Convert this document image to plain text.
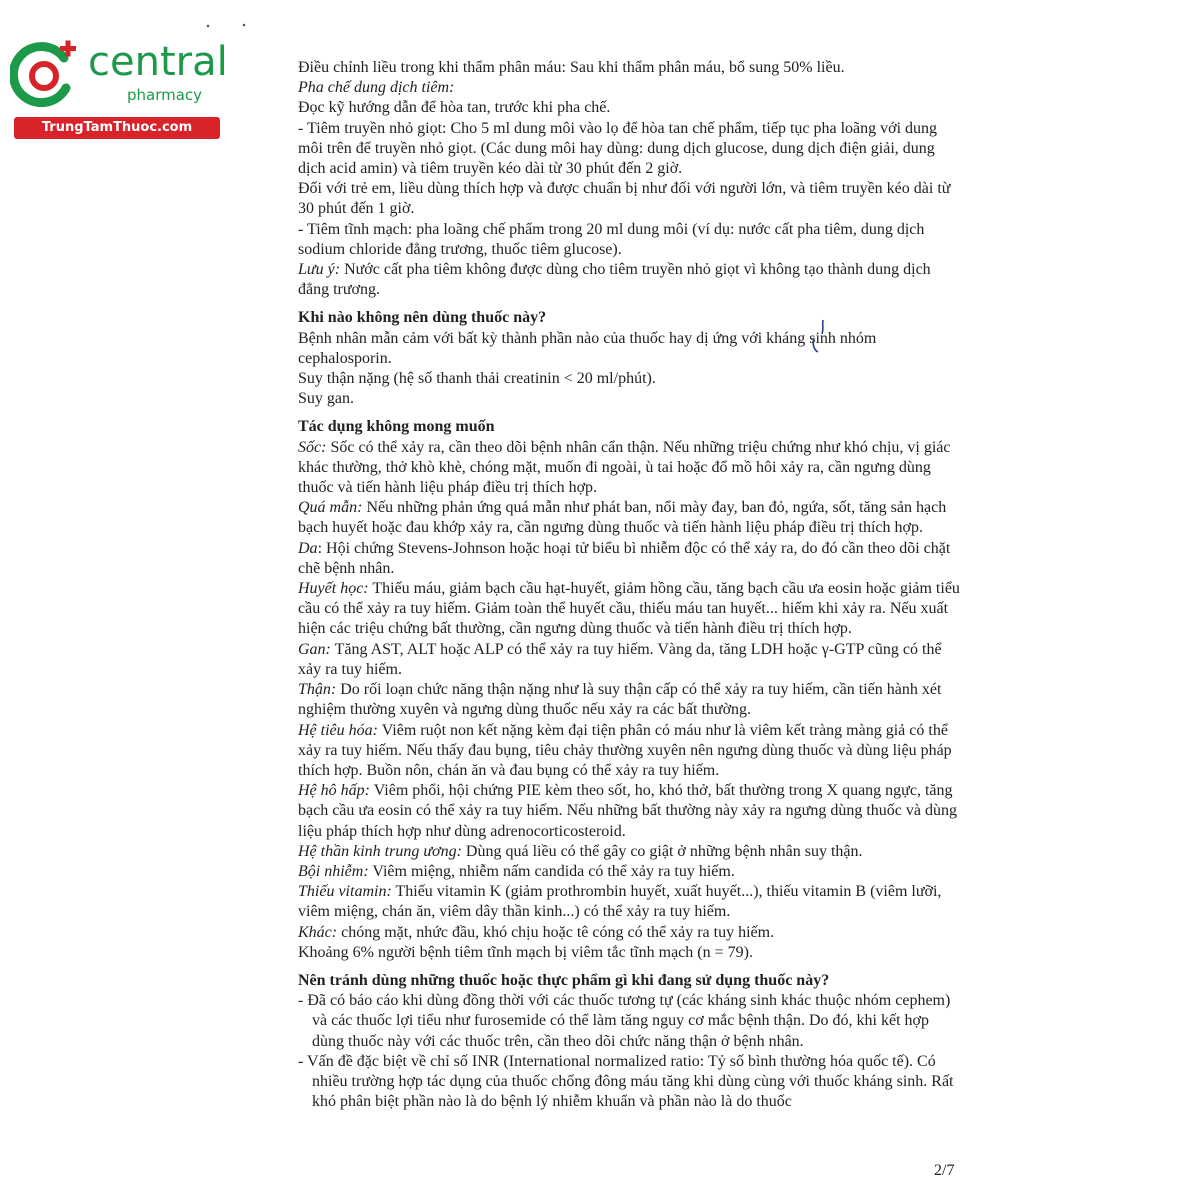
central
pharmacy
TrungTamThuoc.com

Điều chỉnh liều trong khi thẩm phân máu: Sau khi thẩm phân máu, bổ sung 50% liều.

Pha chế dung dịch tiêm:

Đọc kỹ hướng dẫn để hòa tan, trước khi pha chế.

- Tiêm truyền nhỏ giọt: Cho 5 ml dung môi vào lọ để hòa tan chế phẩm, tiếp tục pha loãng với dung môi trên để truyền nhỏ giọt. (Các dung môi hay dùng: dung dịch glucose, dung dịch điện giải, dung dịch acid amin) và tiêm truyền kéo dài từ 30 phút đến 2 giờ.

Đối với trẻ em, liều dùng thích hợp và được chuẩn bị như đối với người lớn, và tiêm truyền kéo dài từ 30 phút đến 1 giờ.

- Tiêm tĩnh mạch: pha loãng chế phẩm trong 20 ml dung môi (ví dụ: nước cất pha tiêm, dung dịch sodium chloride đẳng trương, thuốc tiêm glucose).

Lưu ý: Nước cất pha tiêm không được dùng cho tiêm truyền nhỏ giọt vì không tạo thành dung dịch đẳng trương.

Khi nào không nên dùng thuốc này?

Bệnh nhân mẫn cảm với bất kỳ thành phần nào của thuốc hay dị ứng với kháng sinh nhóm cephalosporin.

Suy thận nặng (hệ số thanh thải creatinin < 20 ml/phút).

Suy gan.

Tác dụng không mong muốn

Sốc: Sốc có thể xảy ra, cần theo dõi bệnh nhân cẩn thận. Nếu những triệu chứng như khó chịu, vị giác khác thường, thở khò khè, chóng mặt, muốn đi ngoài, ù tai hoặc đổ mồ hôi xảy ra, cần ngưng dùng thuốc và tiến hành liệu pháp điều trị thích hợp.

Quá mẫn: Nếu những phản ứng quá mẫn như phát ban, nổi mày đay, ban đỏ, ngứa, sốt, tăng sản hạch bạch huyết hoặc đau khớp xảy ra, cần ngưng dùng thuốc và tiến hành liệu pháp điều trị thích hợp.

Da: Hội chứng Stevens-Johnson hoặc hoại tử biểu bì nhiễm độc có thể xảy ra, do đó cần theo dõi chặt chẽ bệnh nhân.

Huyết học: Thiếu máu, giảm bạch cầu hạt-huyết, giảm hồng cầu, tăng bạch cầu ưa eosin hoặc giảm tiểu cầu có thể xảy ra tuy hiếm. Giảm toàn thể huyết cầu, thiếu máu tan huyết... hiếm khi xảy ra. Nếu xuất hiện các triệu chứng bất thường, cần ngưng dùng thuốc và tiến hành điều trị thích hợp.

Gan: Tăng AST, ALT hoặc ALP có thể xảy ra tuy hiếm. Vàng da, tăng LDH hoặc γ-GTP cũng có thể xảy ra tuy hiếm.

Thận: Do rối loạn chức năng thận nặng như là suy thận cấp có thể xảy ra tuy hiếm, cần tiến hành xét nghiệm thường xuyên và ngưng dùng thuốc nếu xảy ra các bất thường.

Hệ tiêu hóa: Viêm ruột non kết nặng kèm đại tiện phân có máu như là viêm kết tràng màng giả có thể xảy ra tuy hiếm. Nếu thấy đau bụng, tiêu chảy thường xuyên nên ngưng dùng thuốc và dùng liệu pháp thích hợp. Buồn nôn, chán ăn và đau bụng có thể xảy ra tuy hiếm.

Hệ hô hấp: Viêm phổi, hội chứng PIE kèm theo sốt, ho, khó thở, bất thường trong X quang ngực, tăng bạch cầu ưa eosin có thể xảy ra tuy hiếm. Nếu những bất thường này xảy ra ngưng dùng thuốc và dùng liệu pháp thích hợp như dùng adrenocorticosteroid.

Hệ thần kinh trung ương: Dùng quá liều có thể gây co giật ở những bệnh nhân suy thận.

Bội nhiễm: Viêm miệng, nhiễm nấm candida có thể xảy ra tuy hiếm.

Thiếu vitamin: Thiếu vitamin K (giảm prothrombin huyết, xuất huyết...), thiếu vitamin B (viêm lưỡi, viêm miệng, chán ăn, viêm dây thần kinh...) có thể xảy ra tuy hiếm.

Khác: chóng mặt, nhức đầu, khó chịu hoặc tê cóng có thể xảy ra tuy hiếm.

Khoảng 6% người bệnh tiêm tĩnh mạch bị viêm tắc tĩnh mạch (n = 79).

Nên tránh dùng những thuốc hoặc thực phẩm gì khi đang sử dụng thuốc này?

- Đã có báo cáo khi dùng đồng thời với các thuốc tương tự (các kháng sinh khác thuộc nhóm cephem) và các thuốc lợi tiểu như furosemide có thể làm tăng nguy cơ mắc bệnh thận. Do đó, khi kết hợp dùng thuốc này với các thuốc trên, cần theo dõi chức năng thận ở bệnh nhân.

- Vấn đề đặc biệt về chỉ số INR (International normalized ratio: Tỷ số bình thường hóa quốc tế). Có nhiều trường hợp tác dụng của thuốc chống đông máu tăng khi dùng cùng với thuốc kháng sinh. Rất khó phân biệt phần nào là do bệnh lý nhiễm khuẩn và phần nào là do thuốc

2/7
